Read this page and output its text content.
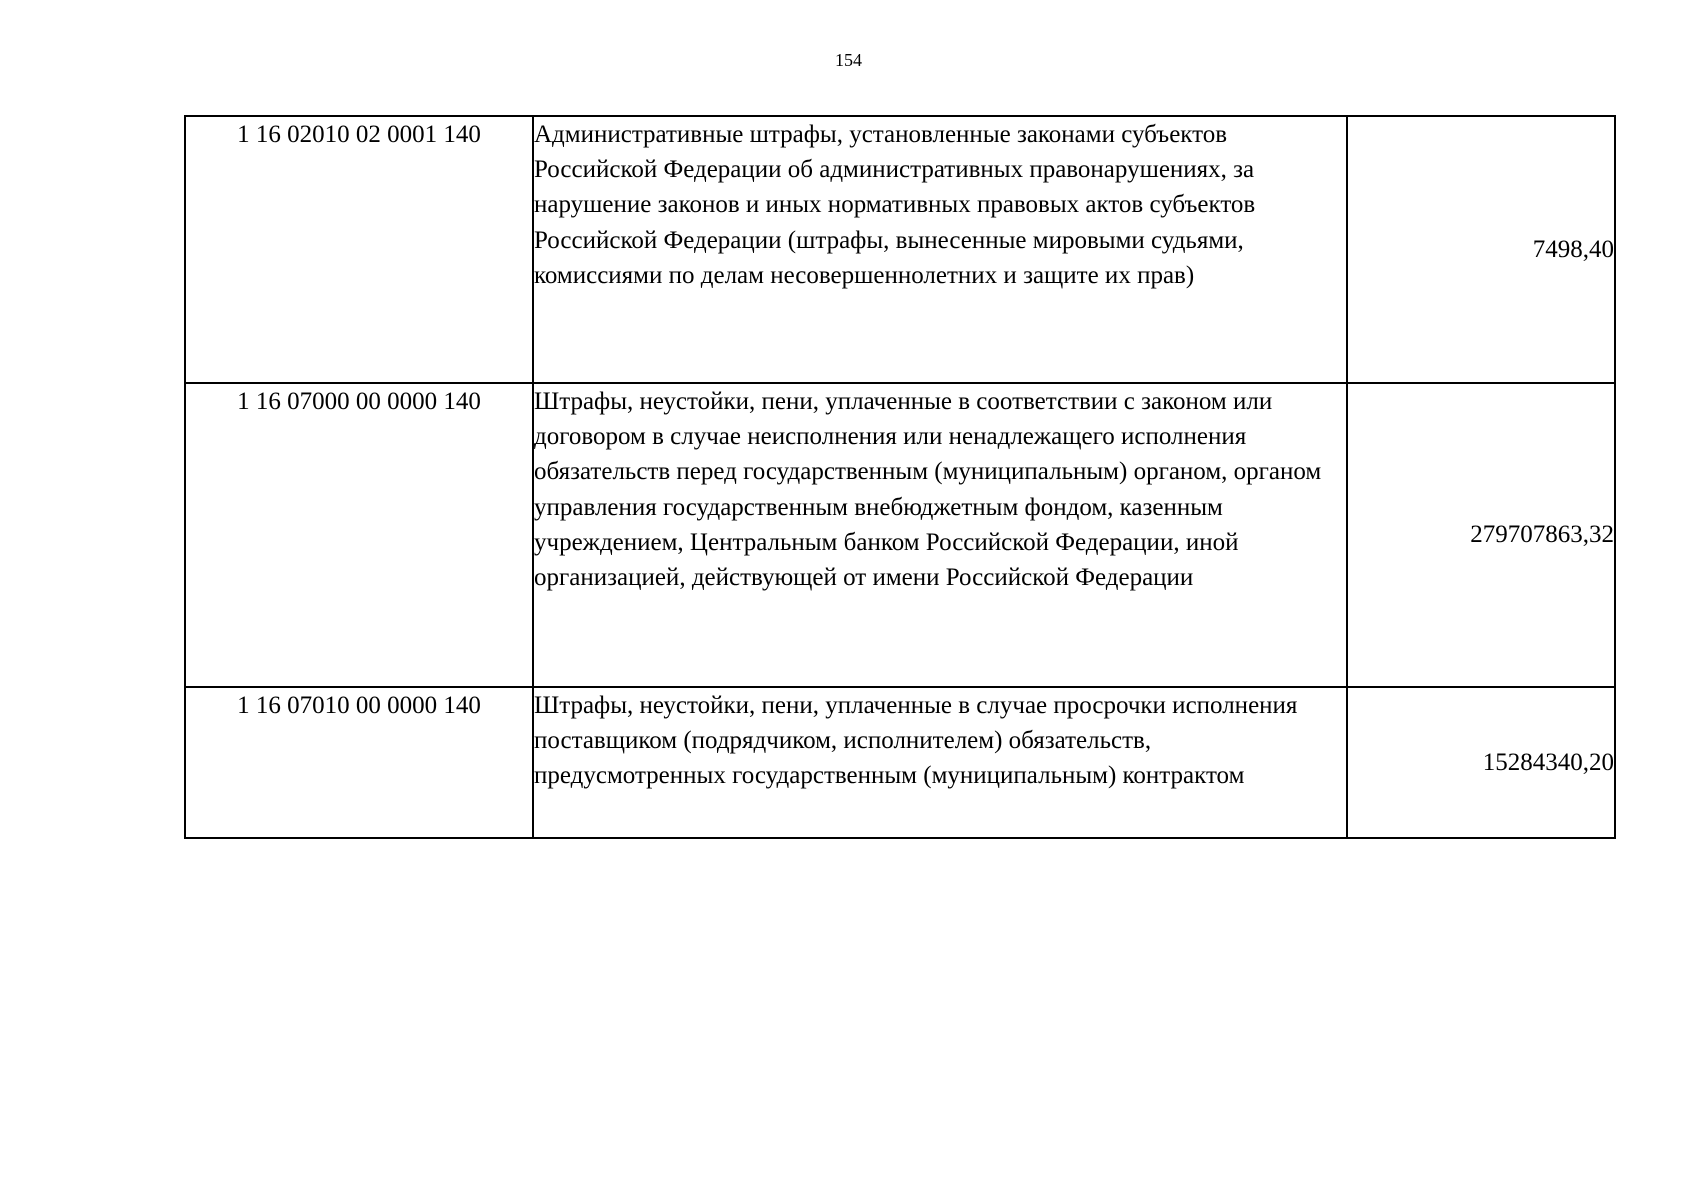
154
1 16 02010 02 0001 140	Административные штрафы, установленные законами субъектов Российской Федерации об административных правонарушениях, за нарушение законов и иных нормативных правовых актов субъектов Российской Федерации (штрафы, вынесенные мировыми судьями, комиссиями по делам несовершеннолетних и защите их прав)	7498,40
1 16 07000 00 0000 140	Штрафы, неустойки, пени, уплаченные в соответствии с законом или договором в случае неисполнения или ненадлежащего исполнения обязательств перед государственным (муниципальным) органом, органом управления государственным внебюджетным фондом, казенным учреждением, Центральным банком Российской Федерации, иной организацией, действующей от имени Российской Федерации	279707863,32
1 16 07010 00 0000 140	Штрафы, неустойки, пени, уплаченные в случае просрочки исполнения поставщиком (подрядчиком, исполнителем) обязательств, предусмотренных государственным (муниципальным) контрактом	15284340,20
